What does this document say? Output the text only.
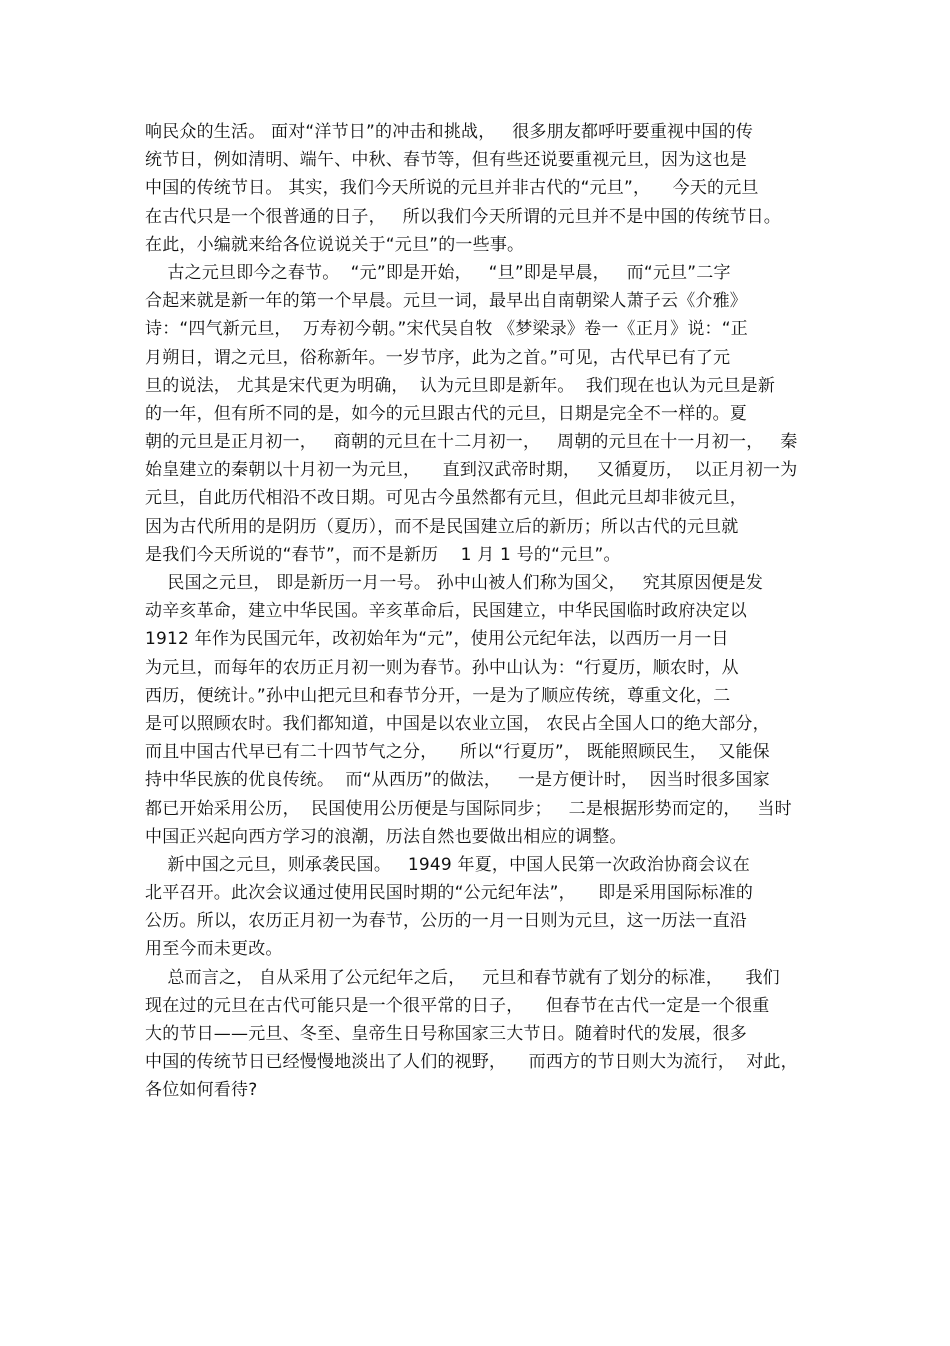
响民众的生活。 面对“洋节日”的冲击和挑战，   很多朋友都呼吁要重视中国的传
统节日，例如清明、端午、中秋、春节等，但有些还说要重视元旦，因为这也是
中国的传统节日。 其实，我们今天所说的元旦并非古代的“元旦”，    今天的元旦
在古代只是一个很普通的日子，   所以我们今天所谓的元旦并不是中国的传统节日。
在此，小编就来给各位说说关于“元旦”的一些事。
古之元旦即今之春节。  “元”即是开始，   “旦”即是早晨，   而“元旦”二字
合起来就是新一年的第一个早晨。元旦一词，最早出自南朝梁人萧子云《介雅》
诗：“四气新元旦，  万寿初今朝。”宋代吴自牧 《梦梁录》卷一《正月》说：“正
月朔日，谓之元旦，俗称新年。一岁节序，此为之首。”可见，古代早已有了元
旦的说法， 尤其是宋代更为明确，  认为元旦即是新年。  我们现在也认为元旦是新
的一年，但有所不同的是，如今的元旦跟古代的元旦，日期是完全不一样的。夏
朝的元旦是正月初一，   商朝的元旦在十二月初一，   周朝的元旦在十一月初一，   秦
始皇建立的秦朝以十月初一为元旦，    直到汉武帝时期，   又循夏历，  以正月初一为
元旦，自此历代相沿不改日期。可见古今虽然都有元旦，但此元旦却非彼元旦，
因为古代所用的是阴历（夏历），而不是民国建立后的新历；所以古代的元旦就
是我们今天所说的“春节”，而不是新历    1 月 1 号的“元旦”。
民国之元旦， 即是新历一月一号。 孙中山被人们称为国父，   究其原因便是发
动辛亥革命，建立中华民国。辛亥革命后，民国建立，中华民国临时政府决定以
1912 年作为民国元年，改初始年为“元”，使用公元纪年法，以西历一月一日
为元旦，而每年的农历正月初一则为春节。孙中山认为：“行夏历，顺农时，从
西历，便统计。”孙中山把元旦和春节分开，一是为了顺应传统，尊重文化，二
是可以照顾农时。我们都知道，中国是以农业立国， 农民占全国人口的绝大部分，
而且中国古代早已有二十四节气之分，    所以“行夏历”， 既能照顾民生，  又能保
持中华民族的优良传统。  而“从西历”的做法，   一是方便计时，  因当时很多国家
都已开始采用公历，  民国使用公历便是与国际同步；   二是根据形势而定的，   当时
中国正兴起向西方学习的浪潮，历法自然也要做出相应的调整。
新中国之元旦，则承袭民国。   1949 年夏，中国人民第一次政治协商会议在
北平召开。此次会议通过使用民国时期的“公元纪年法”，    即是采用国际标准的
公历。所以，农历正月初一为春节，公历的一月一日则为元旦，这一历法一直沿
用至今而未更改。
总而言之， 自从采用了公元纪年之后，   元旦和春节就有了划分的标准，    我们
现在过的元旦在古代可能只是一个很平常的日子，    但春节在古代一定是一个很重
大的节日——元旦、冬至、皇帝生日号称国家三大节日。随着时代的发展，很多
中国的传统节日已经慢慢地淡出了人们的视野，    而西方的节日则大为流行，  对此，
各位如何看待?
